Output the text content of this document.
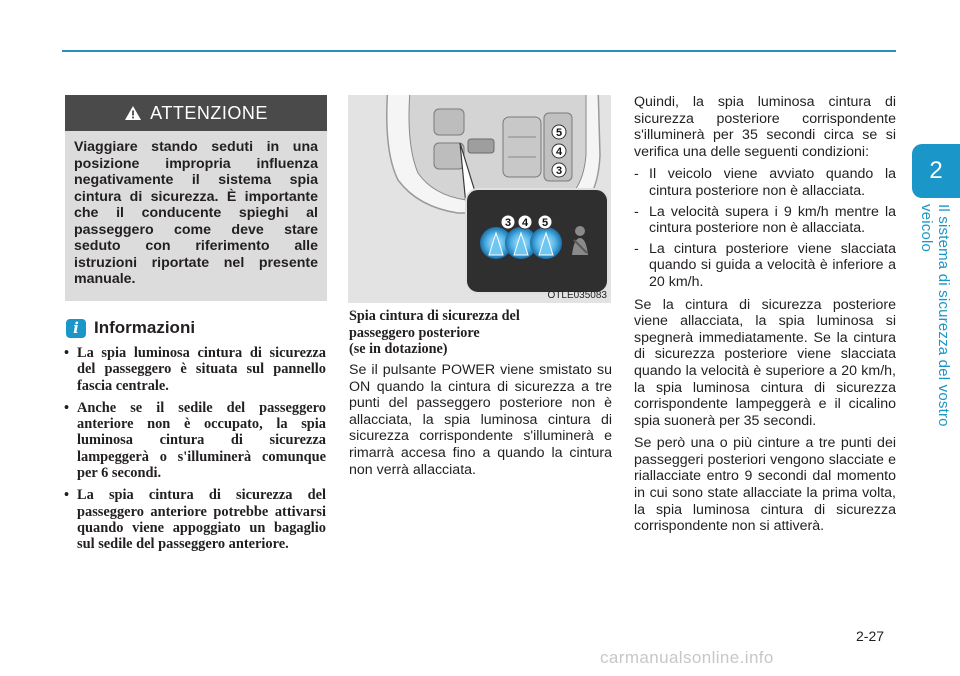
2
Il sistema di sicurezza del vostro veicolo
ATTENZIONE
Viaggiare stando seduti in una posizione impropria influenza negativamente il sistema spia cintura di sicurezza. È importante che il conducente spieghi al passeggero come deve stare seduto con riferimento alle istruzioni riportate nel presente manuale.
i Informazioni
• La spia luminosa cintura di sicurezza del passeggero è situata sul pannello fascia centrale.
• Anche se il sedile del passeggero anteriore non è occupato, la spia luminosa cintura di sicurezza lampeggerà o s'illuminerà comunque per 6 secondi.
• La spia cintura di sicurezza del passeggero anteriore potrebbe attivarsi quando viene appoggiato un bagaglio sul sedile del passeggero anteriore.
5
4
3
3 4 5
OTLE035083
Spia cintura di sicurezza del
passeggero posteriore
(se in dotazione)
Se il pulsante POWER viene smistato su ON quando la cintura di sicurezza a tre punti del passeggero posteriore non è allacciata, la spia luminosa cintura di sicurezza corrispondente s'illuminerà e rimarrà accesa fino a quando la cintura non verrà allacciata.

Quindi, la spia luminosa cintura di sicurezza posteriore corrispondente s'illuminerà per 35 secondi circa se si verifica una delle seguenti condizioni:

- Il veicolo viene avviato quando la cintura posteriore non è allacciata.
- La velocità supera i 9 km/h mentre la cintura posteriore non è allacciata.
- La cintura posteriore viene slacciata quando si guida a velocità è inferiore a 20 km/h.

Se la cintura di sicurezza posteriore viene allacciata, la spia luminosa si spegnerà immediatamente. Se la cintura di sicurezza posteriore viene slacciata quando la velocità è superiore a 20 km/h, la spia luminosa cintura di sicurezza corrispondente lampeggerà e il cicalino spia suonerà per 35 secondi.

Se però una o più cinture a tre punti dei passeggeri posteriori vengono slacciate e riallacciate entro 9 secondi dal momento in cui sono state allacciate la prima volta, la spia luminosa cintura di sicurezza corrispondente non si attiverà.

2-27
carmanualsonline.info
